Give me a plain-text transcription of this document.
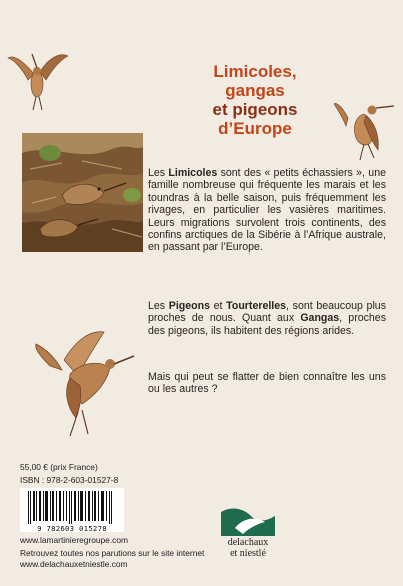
Limicoles,
gangas
et pigeons
d’Europe
Les Limicoles sont des « petits échassiers », une famille nombreuse qui fréquente les marais et les toundras à la belle saison, puis fréquemment les rivages, en particulier les vasières maritimes. Leurs migrations survolent trois continents, des confins arctiques de la Sibérie à l’Afrique australe, en passant par l’Europe.
Les Pigeons et Tourterelles, sont beaucoup plus proches de nous. Quant aux Gangas, proches des pigeons, ils habitent des régions arides.
Mais qui peut se flatter de bien connaître les uns ou les autres ?
55,00 € (prix France)
ISBN : 978-2-603-01527-8
9 782603 015278
www.lamartinieregroupe.com
Retrouvez toutes nos parutions sur le site internet www.delachauxetniestle.com
delachaux
et niestlé
